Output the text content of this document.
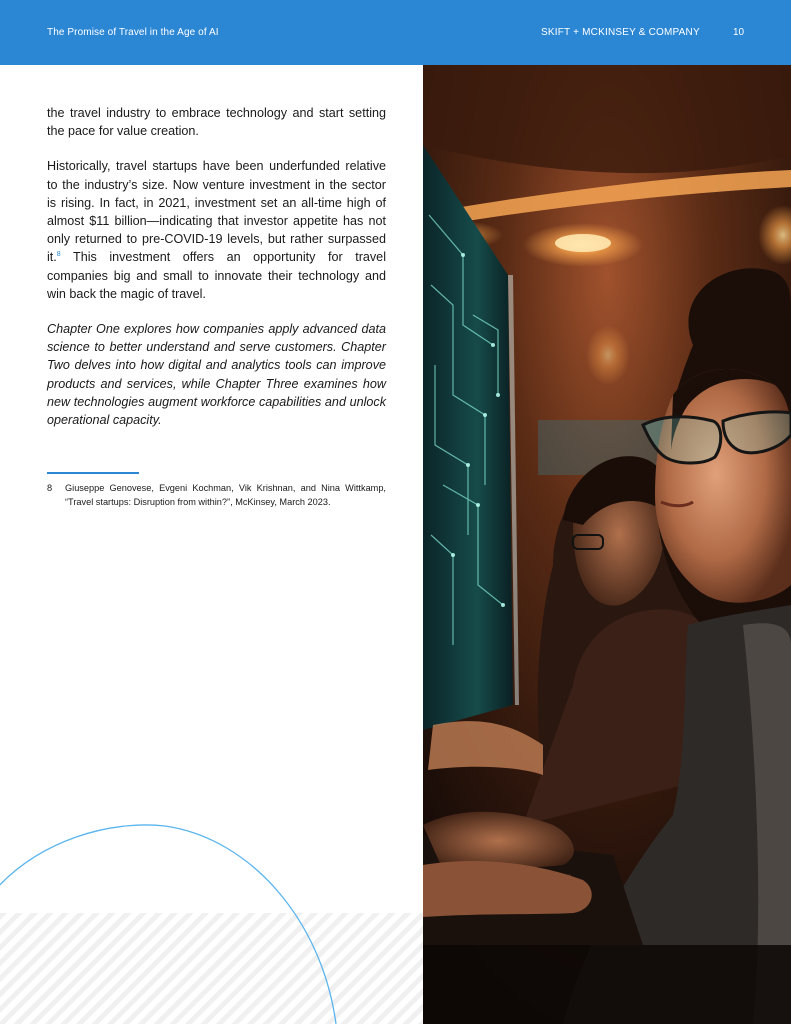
The Promise of Travel in the Age of AI	SKIFT + MCKINSEY & COMPANY	10

the travel industry to embrace technology and start setting the pace for value creation.

Historically, travel startups have been underfunded relative to the industry’s size. Now venture investment in the sector is rising. In fact, in 2021, investment set an all-time high of almost $11 billion—indicating that investor appetite has not only returned to pre-COVID-19 levels, but rather surpassed it.$^8$ This investment offers an opportunity for travel companies big and small to innovate their technology and win back the magic of travel.

Chapter One explores how companies apply advanced data science to better understand and serve customers. Chapter Two delves into how digital and analytics tools can improve products and services, while Chapter Three examines how new technologies augment workforce capabilities and unlock operational capacity.

8 Giuseppe Genovese, Evgeni Kochman, Vik Krishnan, and Nina Wittkamp, “Travel startups: Disruption from within?”, McKinsey, March 2023.
